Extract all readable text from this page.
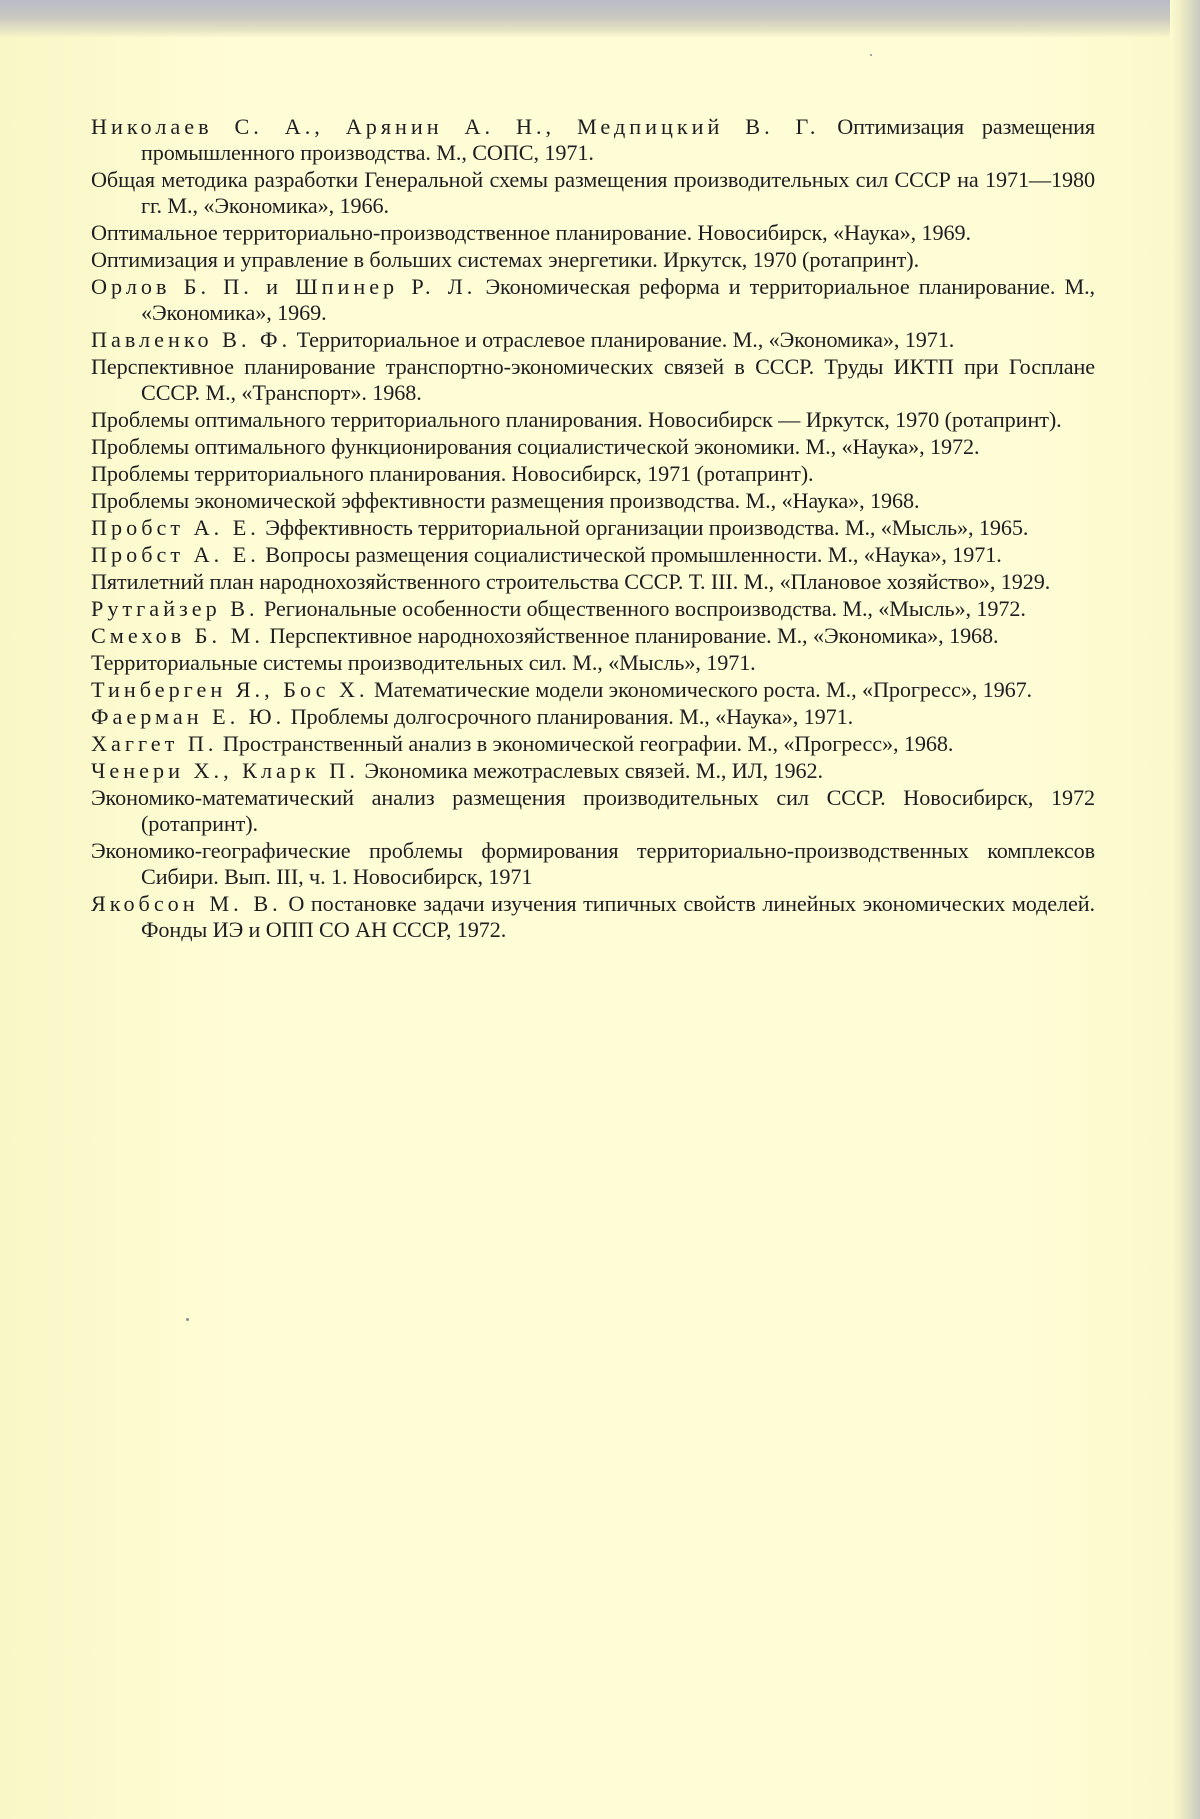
Николаев С. А., Арянин А. Н., Медпицкий В. Г. Оптимизация размещения промышленного производства. М., СОПС, 1971.
Общая методика разработки Генеральной схемы размещения производительных сил СССР на 1971—1980 гг. М., «Экономика», 1966.
Оптимальное территориально-производственное планирование. Новосибирск, «Наука», 1969.
Оптимизация и управление в больших системах энергетики. Иркутск, 1970 (ротапринт).
Орлов Б. П. и Шпинер Р. Л. Экономическая реформа и территориальное планирование. М., «Экономика», 1969.
Павленко В. Ф. Территориальное и отраслевое планирование. М., «Экономика», 1971.
Перспективное планирование транспортно-экономических связей в СССР. Труды ИКТП при Госплане СССР. М., «Транспорт». 1968.
Проблемы оптимального территориального планирования. Новосибирск — Иркутск, 1970 (ротапринт).
Проблемы оптимального функционирования социалистической экономики. М., «Наука», 1972.
Проблемы территориального планирования. Новосибирск, 1971 (ротапринт).
Проблемы экономической эффективности размещения производства. М., «Наука», 1968.
Пробст А. Е. Эффективность территориальной организации производства. М., «Мысль», 1965.
Пробст А. Е. Вопросы размещения социалистической промышленности. М., «Наука», 1971.
Пятилетний план народнохозяйственного строительства СССР. Т. III. М., «Плановое хозяйство», 1929.
Рутгайзер В. Региональные особенности общественного воспроизводства. М., «Мысль», 1972.
Смехов Б. М. Перспективное народнохозяйственное планирование. М., «Экономика», 1968.
Территориальные системы производительных сил. М., «Мысль», 1971.
Тинберген Я., Бос Х. Математические модели экономического роста. М., «Прогресс», 1967.
Фаерман Е. Ю. Проблемы долгосрочного планирования. М., «Наука», 1971.
Хаггет П. Пространственный анализ в экономической географии. М., «Прогресс», 1968.
Ченери Х., Кларк П. Экономика межотраслевых связей. М., ИЛ, 1962.
Экономико-математический анализ размещения производительных сил СССР. Новосибирск, 1972 (ротапринт).
Экономико-географические проблемы формирования территориально-производственных комплексов Сибири. Вып. III, ч. 1. Новосибирск, 1971
Якобсон М. В. О постановке задачи изучения типичных свойств линейных экономических моделей. Фонды ИЭ и ОПП СО АН СССР, 1972.
